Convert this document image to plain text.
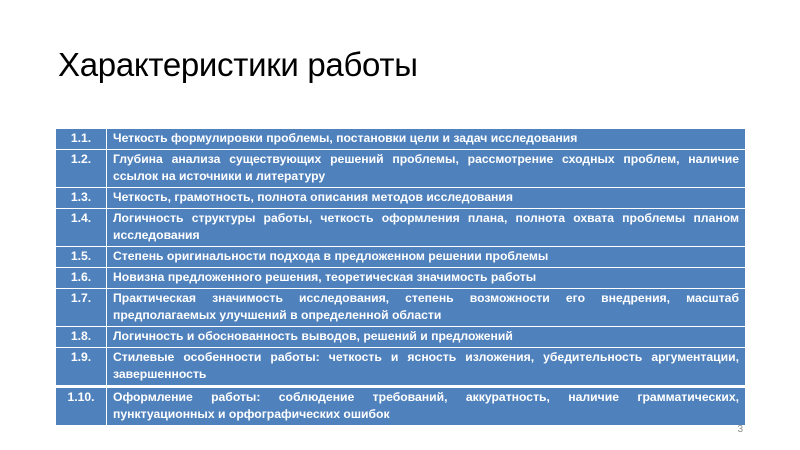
Характеристики работы
1.1.	Четкость формулировки проблемы, постановки цели и задач исследования
1.2.	Глубина анализа существующих решений проблемы, рассмотрение сходных проблем, наличие ссылок на источники и литературу
1.3.	Четкость, грамотность, полнота описания методов исследования
1.4.	Логичность структуры работы, четкость оформления плана, полнота охвата проблемы планом исследования
1.5.	Степень оригинальности подхода в предложенном решении проблемы
1.6.	Новизна предложенного решения, теоретическая значимость работы
1.7.	Практическая значимость исследования, степень возможности его внедрения, масштаб предполагаемых улучшений в определенной области
1.8.	Логичность и обоснованность выводов, решений и предложений
1.9.	Стилевые особенности работы: четкость и ясность изложения, убедительность аргументации, завершенность
1.10.	Оформление работы: соблюдение требований, аккуратность, наличие грамматических, пунктуационных и орфографических ошибок
3
